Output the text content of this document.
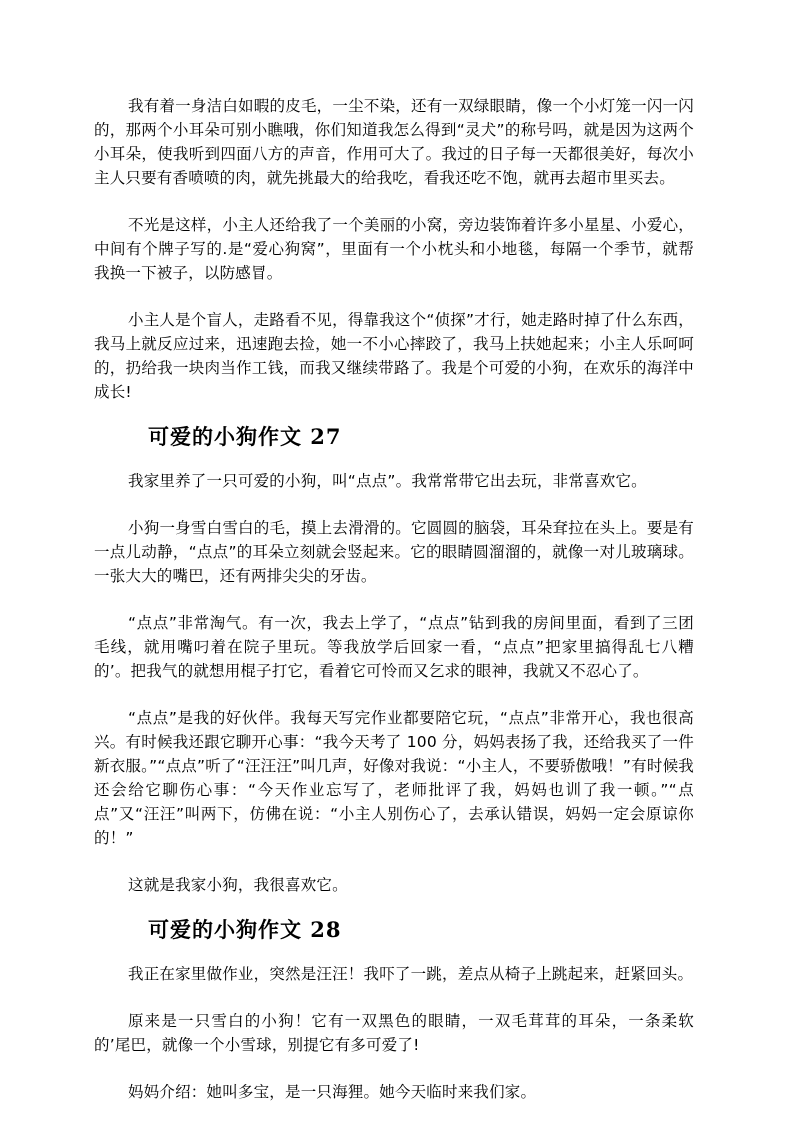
我有着一身洁白如暇的皮毛，一尘不染，还有一双绿眼睛，像一个小灯笼一闪一闪的，那两个小耳朵可别小瞧哦，你们知道我怎么得到“灵犬”的称号吗，就是因为这两个小耳朵，使我听到四面八方的声音，作用可大了。我过的日子每一天都很美好，每次小主人只要有香喷喷的肉，就先挑最大的给我吃，看我还吃不饱，就再去超市里买去。

不光是这样，小主人还给我了一个美丽的小窝，旁边装饰着许多小星星、小爱心，中间有个牌子写的.是“爱心狗窝”，里面有一个小枕头和小地毯，每隔一个季节，就帮我换一下被子，以防感冒。

小主人是个盲人，走路看不见，得靠我这个“侦探”才行，她走路时掉了什么东西，我马上就反应过来，迅速跑去捡，她一不小心摔跤了，我马上扶她起来；小主人乐呵呵的，扔给我一块肉当作工钱，而我又继续带路了。我是个可爱的小狗，在欢乐的海洋中成长!

可爱的小狗作文 27

我家里养了一只可爱的小狗，叫“点点”。我常常带它出去玩，非常喜欢它。

小狗一身雪白雪白的毛，摸上去滑滑的。它圆圆的脑袋，耳朵耷拉在头上。要是有一点儿动静，“点点”的耳朵立刻就会竖起来。它的眼睛圆溜溜的，就像一对儿玻璃球。一张大大的嘴巴，还有两排尖尖的牙齿。

“点点”非常淘气。有一次，我去上学了，“点点”钻到我的房间里面，看到了三团毛线，就用嘴叼着在院子里玩。等我放学后回家一看，“点点”把家里搞得乱七八糟的’。把我气的就想用棍子打它，看着它可怜而又乞求的眼神，我就又不忍心了。

“点点”是我的好伙伴。我每天写完作业都要陪它玩，“点点”非常开心，我也很高兴。有时候我还跟它聊开心事：“我今天考了 100 分，妈妈表扬了我，还给我买了一件新衣服。”“点点”听了“汪汪汪”叫几声，好像对我说：“小主人，不要骄傲哦！”有时候我还会给它聊伤心事：“今天作业忘写了，老师批评了我，妈妈也训了我一顿。”“点点”又“汪汪”叫两下，仿佛在说：“小主人别伤心了，去承认错误，妈妈一定会原谅你的！”

这就是我家小狗，我很喜欢它。

可爱的小狗作文 28

我正在家里做作业，突然是汪汪！我吓了一跳，差点从椅子上跳起来，赶紧回头。

原来是一只雪白的小狗！它有一双黑色的眼睛，一双毛茸茸的耳朵，一条柔软的’尾巴，就像一个小雪球，别提它有多可爱了!

妈妈介绍：她叫多宝，是一只海狸。她今天临时来我们家。
